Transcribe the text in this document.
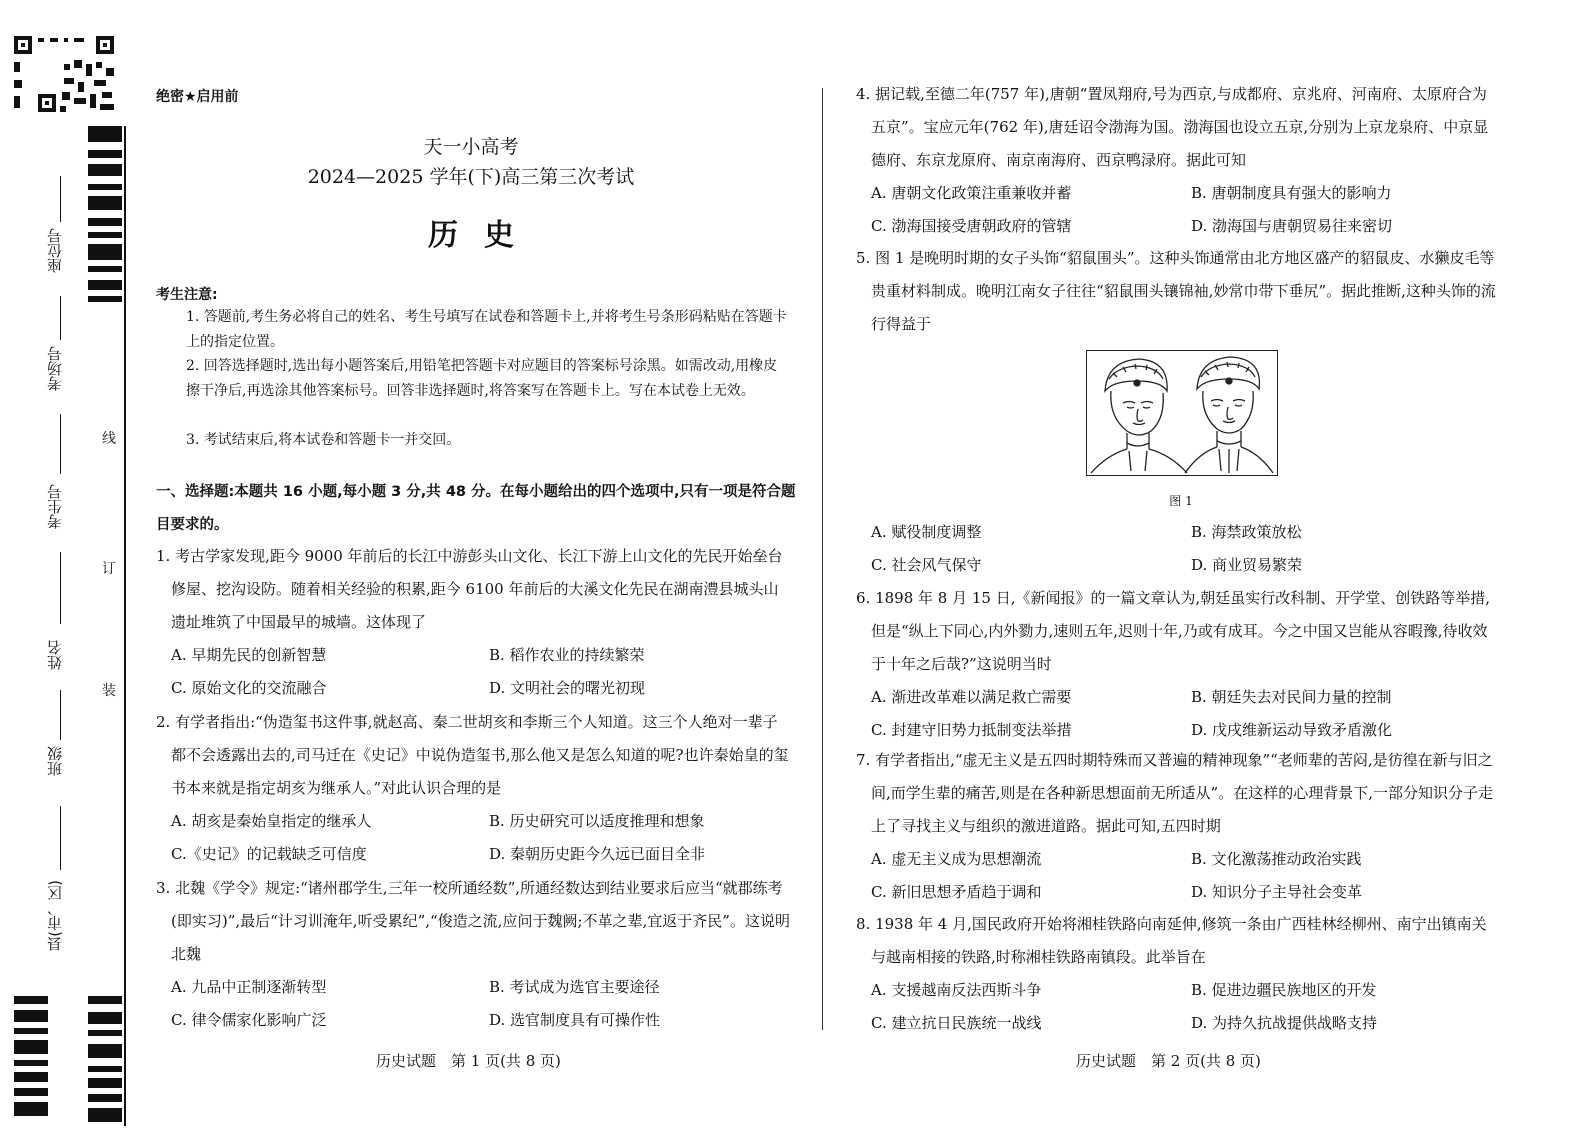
座位号
考场号
考生号
姓名
班级
县(市、区)
线
订
装
绝密★启用前
天一小高考
2024—2025 学年(下)高三第三次考试
历史
考生注意:
1. 答题前,考生务必将自己的姓名、考生号填写在试卷和答题卡上,并将考生号条形码粘贴在答题卡上的指定位置。
2. 回答选择题时,选出每小题答案后,用铅笔把答题卡对应题目的答案标号涂黑。如需改动,用橡皮擦干净后,再选涂其他答案标号。回答非选择题时,将答案写在答题卡上。写在本试卷上无效。
3. 考试结束后,将本试卷和答题卡一并交回。
一、选择题:本题共 16 小题,每小题 3 分,共 48 分。在每小题给出的四个选项中,只有一项是符合题目要求的。

1. 考古学家发现,距今 9000 年前后的长江中游彭头山文化、长江下游上山文化的先民开始垒台修屋、挖沟设防。随着相关经验的积累,距今 6100 年前后的大溪文化先民在湖南澧县城头山遗址堆筑了中国最早的城墙。这体现了

A. 早期先民的创新智慧	B. 稻作农业的持续繁荣
C. 原始文化的交流融合	D. 文明社会的曙光初现

2. 有学者指出:“伪造玺书这件事,就赵高、秦二世胡亥和李斯三个人知道。这三个人绝对一辈子都不会透露出去的,司马迁在《史记》中说伪造玺书,那么他又是怎么知道的呢?也许秦始皇的玺书本来就是指定胡亥为继承人。”对此认识合理的是

A. 胡亥是秦始皇指定的继承人	B. 历史研究可以适度推理和想象
C.《史记》的记载缺乏可信度	D. 秦朝历史距今久远已面目全非

3. 北魏《学令》规定:“诸州郡学生,三年一校所通经数”,所通经数达到结业要求后应当“就郡练考(即实习)”,最后“计习训淹年,听受累纪”,“俊造之流,应问于魏阙;不革之辈,宜返于齐民”。这说明北魏

A. 九品中正制逐渐转型	B. 考试成为选官主要途径
C. 律令儒家化影响广泛	D. 选官制度具有可操作性
历史试题　第 1 页(共 8 页)

4. 据记载,至德二年(757 年),唐朝“置凤翔府,号为西京,与成都府、京兆府、河南府、太原府合为五京”。宝应元年(762 年),唐廷诏令渤海为国。渤海国也设立五京,分别为上京龙泉府、中京显德府、东京龙原府、南京南海府、西京鸭渌府。据此可知

A. 唐朝文化政策注重兼收并蓄	B. 唐朝制度具有强大的影响力
C. 渤海国接受唐朝政府的管辖	D. 渤海国与唐朝贸易往来密切

5. 图 1 是晚明时期的女子头饰“貂鼠围头”。这种头饰通常由北方地区盛产的貂鼠皮、水獭皮毛等贵重材料制成。晚明江南女子往往“貂鼠围头镶锦袖,妙常巾带下垂尻”。据此推断,这种头饰的流行得益于

图 1
A. 赋役制度调整	B. 海禁政策放松
C. 社会风气保守	D. 商业贸易繁荣

6. 1898 年 8 月 15 日,《新闻报》的一篇文章认为,朝廷虽实行改科制、开学堂、创铁路等举措,但是“纵上下同心,内外勠力,速则五年,迟则十年,乃或有成耳。今之中国又岂能从容暇豫,待收效于十年之后哉?”这说明当时

A. 渐进改革难以满足救亡需要	B. 朝廷失去对民间力量的控制
C. 封建守旧势力抵制变法举措	D. 戊戌维新运动导致矛盾激化

7. 有学者指出,“虚无主义是五四时期特殊而又普遍的精神现象”“老师辈的苦闷,是彷徨在新与旧之间,而学生辈的痛苦,则是在各种新思想面前无所适从”。在这样的心理背景下,一部分知识分子走上了寻找主义与组织的激进道路。据此可知,五四时期

A. 虚无主义成为思想潮流	B. 文化激荡推动政治实践
C. 新旧思想矛盾趋于调和	D. 知识分子主导社会变革

8. 1938 年 4 月,国民政府开始将湘桂铁路向南延伸,修筑一条由广西桂林经柳州、南宁出镇南关与越南相接的铁路,时称湘桂铁路南镇段。此举旨在

A. 支援越南反法西斯斗争	B. 促进边疆民族地区的开发
C. 建立抗日民族统一战线	D. 为持久抗战提供战略支持
历史试题　第 2 页(共 8 页)
